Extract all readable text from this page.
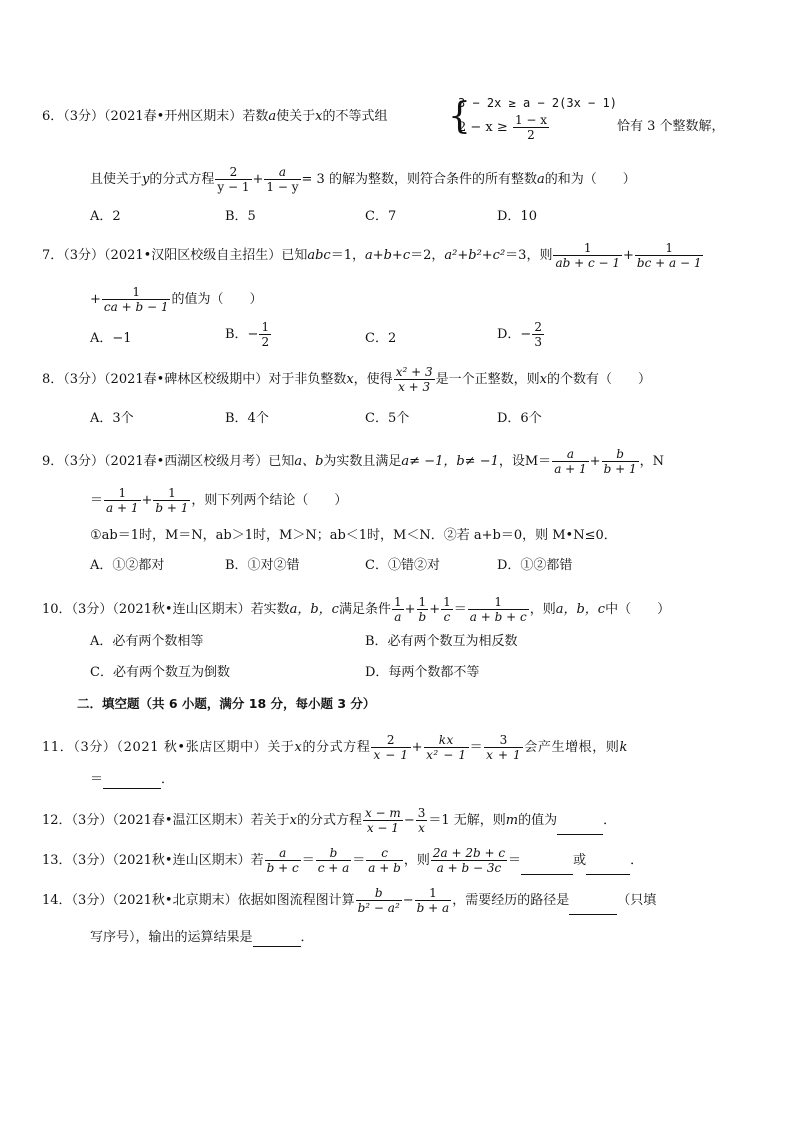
6．（3分）（2021春•开州区期末）若数a使关于x的不等式组 {
3 − 2x ≥ a − 2(3x − 1)
$2 - x \ge \frac{1 - x}{2}$	恰有 3 个整数解，
且使关于y的分式方程 $\frac{2}{y - 1} + \frac{a}{1 - y} = 3$ 的解为整数，则符合条件的所有整数a的和为（　　）
A．2	B．5	C．7	D．10
7．（3分）（2021•汉阳区校级自主招生）已知abc＝1，a+b+c＝2，a²+b²+c²＝3，则 $\frac{1}{ab + c - 1} + \frac{1}{bc + a - 1}$
+ $\frac{1}{ca + b - 1}$ 的值为（　　）
A．−1	B．− $\frac{1}{2}$	C．2	D．− $\frac{2}{3}$
8．（3分）（2021春•碑林区校级期中）对于非负整数x，使得 $\frac{\text{x² + 3}}{x + 3}$ 是一个正整数，则x的个数有（　　）
A．3个	B．4个	C．5个	D．6个
9．（3分）（2021春•西湖区校级月考）已知a、b为实数且满足a≠ −1，b≠ −1，设$M= \frac{a}{a + 1} + \frac{b}{b + 1}$ ，N
＝ $\frac{1}{a + 1} + \frac{1}{b + 1}$ ，则下列两个结论（　　）
①ab＝1时，M＝N，ab＞1时，M＞N；ab＜1时，M＜N．②若 a+b＝0，则 M•N≤0．
A．①②都对	B．①对②错	C．①错②对	D．①②都错
10．（3分）（2021秋•连山区期末）若实数a，b，c满足条件 $\frac{1}{a} + \frac{1}{b} + \frac{1}{c} = \frac{1}{a + b + c}$ ，则a，b，c中（　　）
A．必有两个数相等	B．必有两个数互为相反数
C．必有两个数互为倒数	D．每两个数都不等
二．填空题（共 6 小题，满分 18 分，每小题 3 分）
11．（3分）（2021 秋•张店区期中）关于x的分式方程 $\frac{2}{x - 1} + \frac{kx}{\text{x² − 1}} = \frac{3}{x + 1}$ 会产生增根，则k
＝	．
12．（3分）（2021春•温江区期末）若关于x的分式方程 $\frac{x - m}{x - 1} - \frac{3}{x} =1$ 无解，则m的值为	．
13．（3分）（2021秋•连山区期末）若 $\frac{a}{b + c} = \frac{b}{c + a} = \frac{c}{a + b}$ ，则 $\frac{2a + 2b + c}{a + b - 3c}$ ＝	或	．
14．（3分）（2021秋•北京期末）依据如图流程图计算 $\frac{b}{\text{b² − a²}} - \frac{1}{b + a}$ ，需要经历的路径是	（只填
写序号），输出的运算结果是	．
